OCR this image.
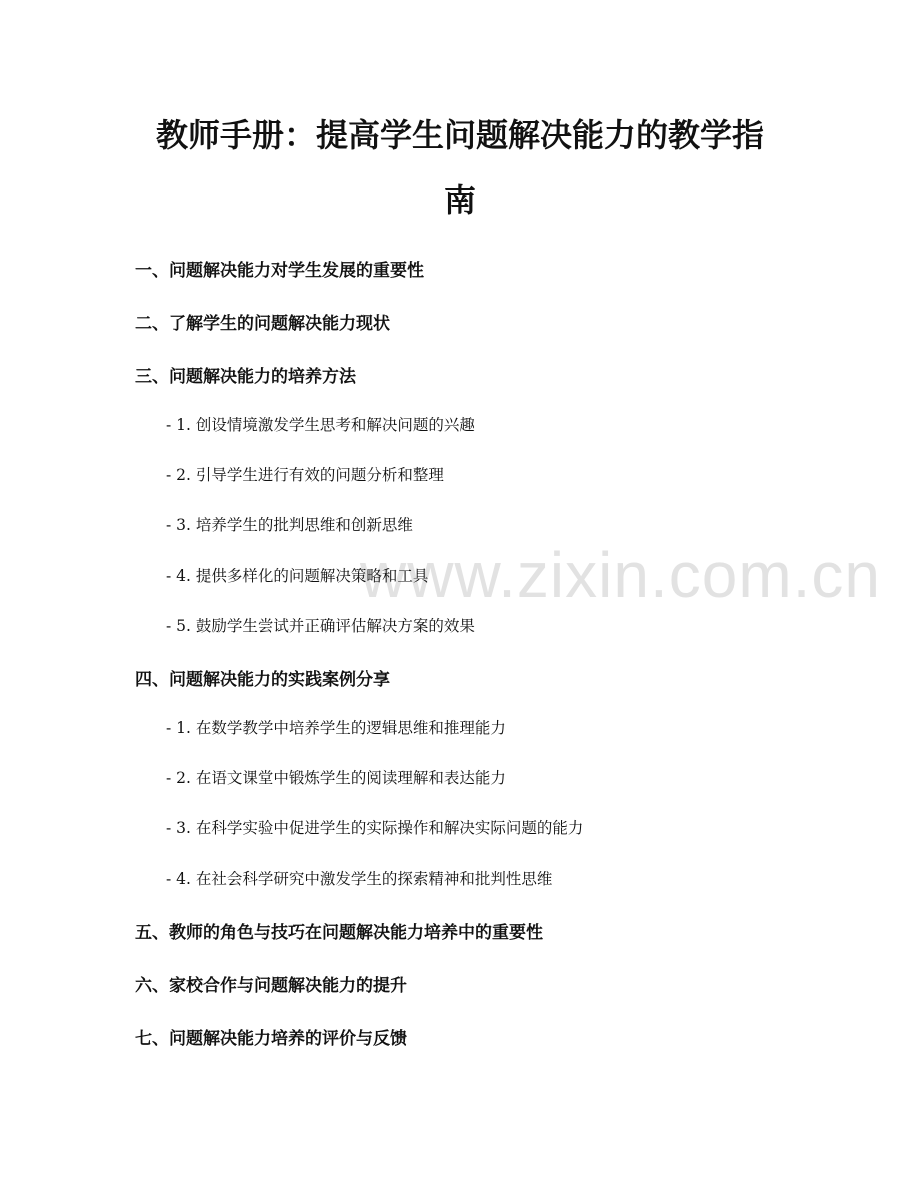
www.zixin.com.cn
教师手册：提高学生问题解决能力的教学指
南
一、问题解决能力对学生发展的重要性
二、了解学生的问题解决能力现状
三、问题解决能力的培养方法

- 1. 创设情境激发学生思考和解决问题的兴趣

- 2. 引导学生进行有效的问题分析和整理

- 3. 培养学生的批判思维和创新思维

- 4. 提供多样化的问题解决策略和工具

- 5. 鼓励学生尝试并正确评估解决方案的效果

四、问题解决能力的实践案例分享

- 1. 在数学教学中培养学生的逻辑思维和推理能力

- 2. 在语文课堂中锻炼学生的阅读理解和表达能力

- 3. 在科学实验中促进学生的实际操作和解决实际问题的能力

- 4. 在社会科学研究中激发学生的探索精神和批判性思维

五、教师的角色与技巧在问题解决能力培养中的重要性
六、家校合作与问题解决能力的提升
七、问题解决能力培养的评价与反馈
